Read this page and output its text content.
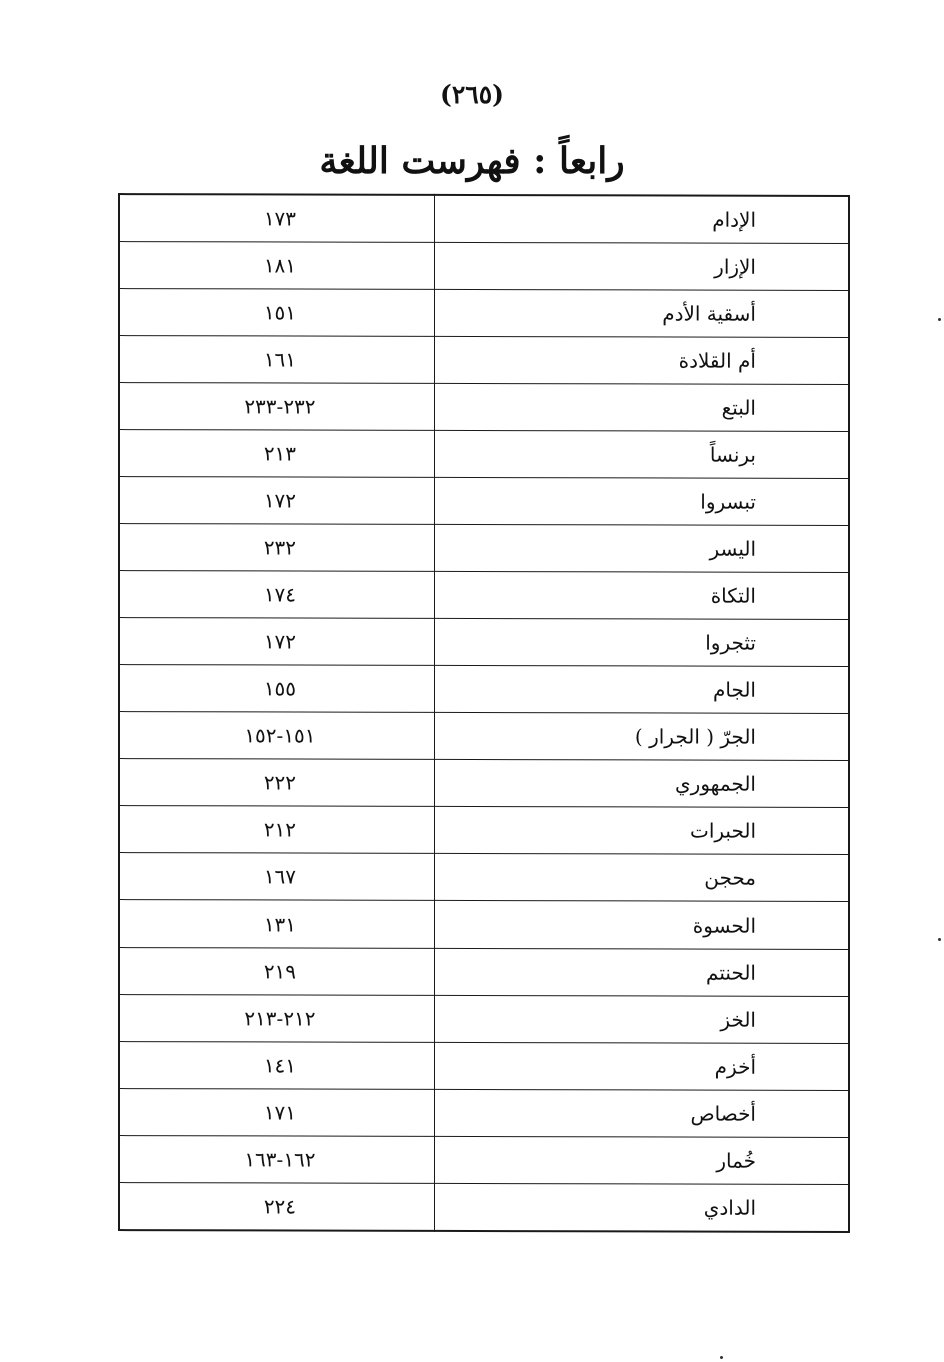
(٢٦٥)
رابعاً : فهرست اللغة
١٧٣	الإدام
١٨١	الإزار
١٥١	أسقية الأدم
١٦١	أم القلادة
٢٣٢-٢٣٣	البتع
٢١٣	برنساً
١٧٢	تبسروا
٢٣٢	اليسر
١٧٤	التكاة
١٧٢	تثجروا
١٥٥	الجام
١٥١-١٥٢	الجرّ ( الجرار )
٢٢٢	الجمهوري
٢١٢	الحبرات
١٦٧	محجن
١٣١	الحسوة
٢١٩	الحنتم
٢١٢-٢١٣	الخز
١٤١	أخزم
١٧١	أخصاص
١٦٢-١٦٣	خُمار
٢٢٤	الدادي
